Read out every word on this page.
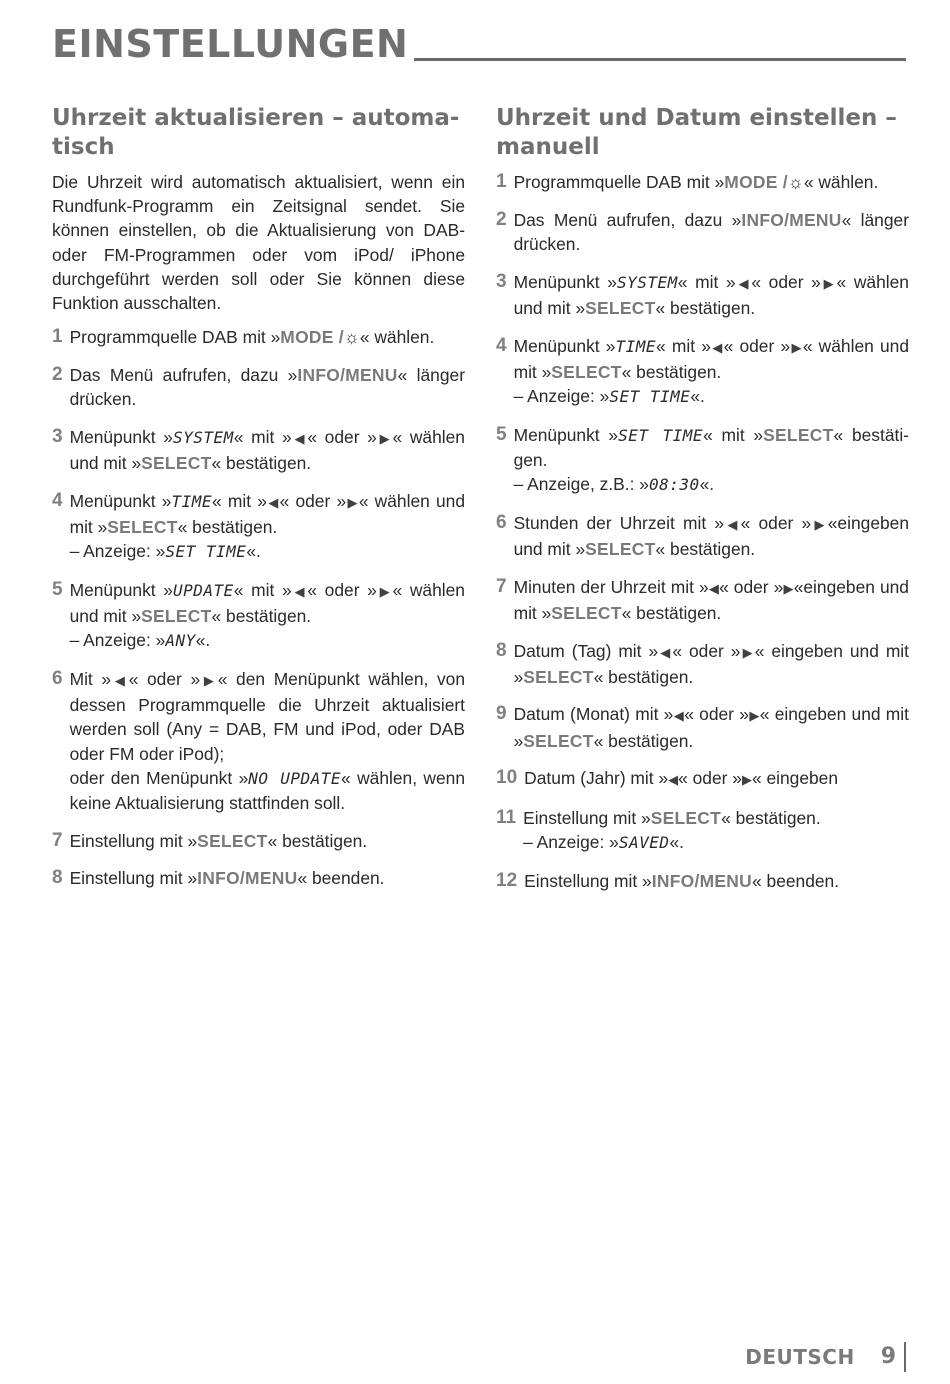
EINSTELLUNGEN
Uhrzeit aktualisieren – automa-tisch

Die Uhrzeit wird automatisch aktualisiert, wenn ein Rundfunk-Programm ein Zeitsignal sendet. Sie können einstellen, ob die Aktualisierung von DAB- oder FM-Programmen oder vom iPod/ iPhone durchgeführt werden soll oder Sie können diese Funktion ausschalten.

1 Programmquelle DAB mit »MODE /☼« wählen.
2 Das Menü aufrufen, dazu »INFO/MENU« länger drücken.
3 Menüpunkt »SYSTEM« mit »◀« oder »▶« wählen und mit »SELECT« bestätigen.
4 Menüpunkt »TIME« mit »◀« oder »▶« wählen und mit »SELECT« bestätigen.
– Anzeige: »SET TIME«.
5 Menüpunkt »UPDATE« mit »◀« oder »▶« wählen und mit »SELECT« bestätigen.
– Anzeige: »ANY«.
6 Mit »◀« oder »▶« den Menüpunkt wählen, von dessen Programmquelle die Uhrzeit aktualisiert werden soll (Any = DAB, FM und iPod, oder DAB oder FM oder iPod);
oder den Menüpunkt »NO UPDATE« wählen, wenn keine Aktualisierung stattfinden soll.
7 Einstellung mit »SELECT« bestätigen.
8 Einstellung mit »INFO/MENU« beenden.
Uhrzeit und Datum einstellen – manuell
1 Programmquelle DAB mit »MODE /☼« wählen.
2 Das Menü aufrufen, dazu »INFO/MENU« länger drücken.
3 Menüpunkt »SYSTEM« mit »◀« oder »▶« wählen und mit »SELECT« bestätigen.
4 Menüpunkt »TIME« mit »◀« oder »▶« wählen und mit »SELECT« bestätigen.
– Anzeige: »SET TIME«.
5 Menüpunkt »SET TIME« mit »SELECT« bestäti-gen.
– Anzeige, z.B.: »08:30«.
6 Stunden der Uhrzeit mit »◀« oder »▶«eingeben und mit »SELECT« bestätigen.
7 Minuten der Uhrzeit mit »◀« oder »▶«eingeben und mit »SELECT« bestätigen.
8 Datum (Tag) mit »◀« oder »▶« eingeben und mit »SELECT« bestätigen.
9 Datum (Monat) mit »◀« oder »▶« eingeben und mit »SELECT« bestätigen.
10 Datum (Jahr) mit »◀« oder »▶« eingeben
11 Einstellung mit »SELECT« bestätigen.
– Anzeige: »SAVED«.
12 Einstellung mit »INFO/MENU« beenden.
DEUTSCH 9
